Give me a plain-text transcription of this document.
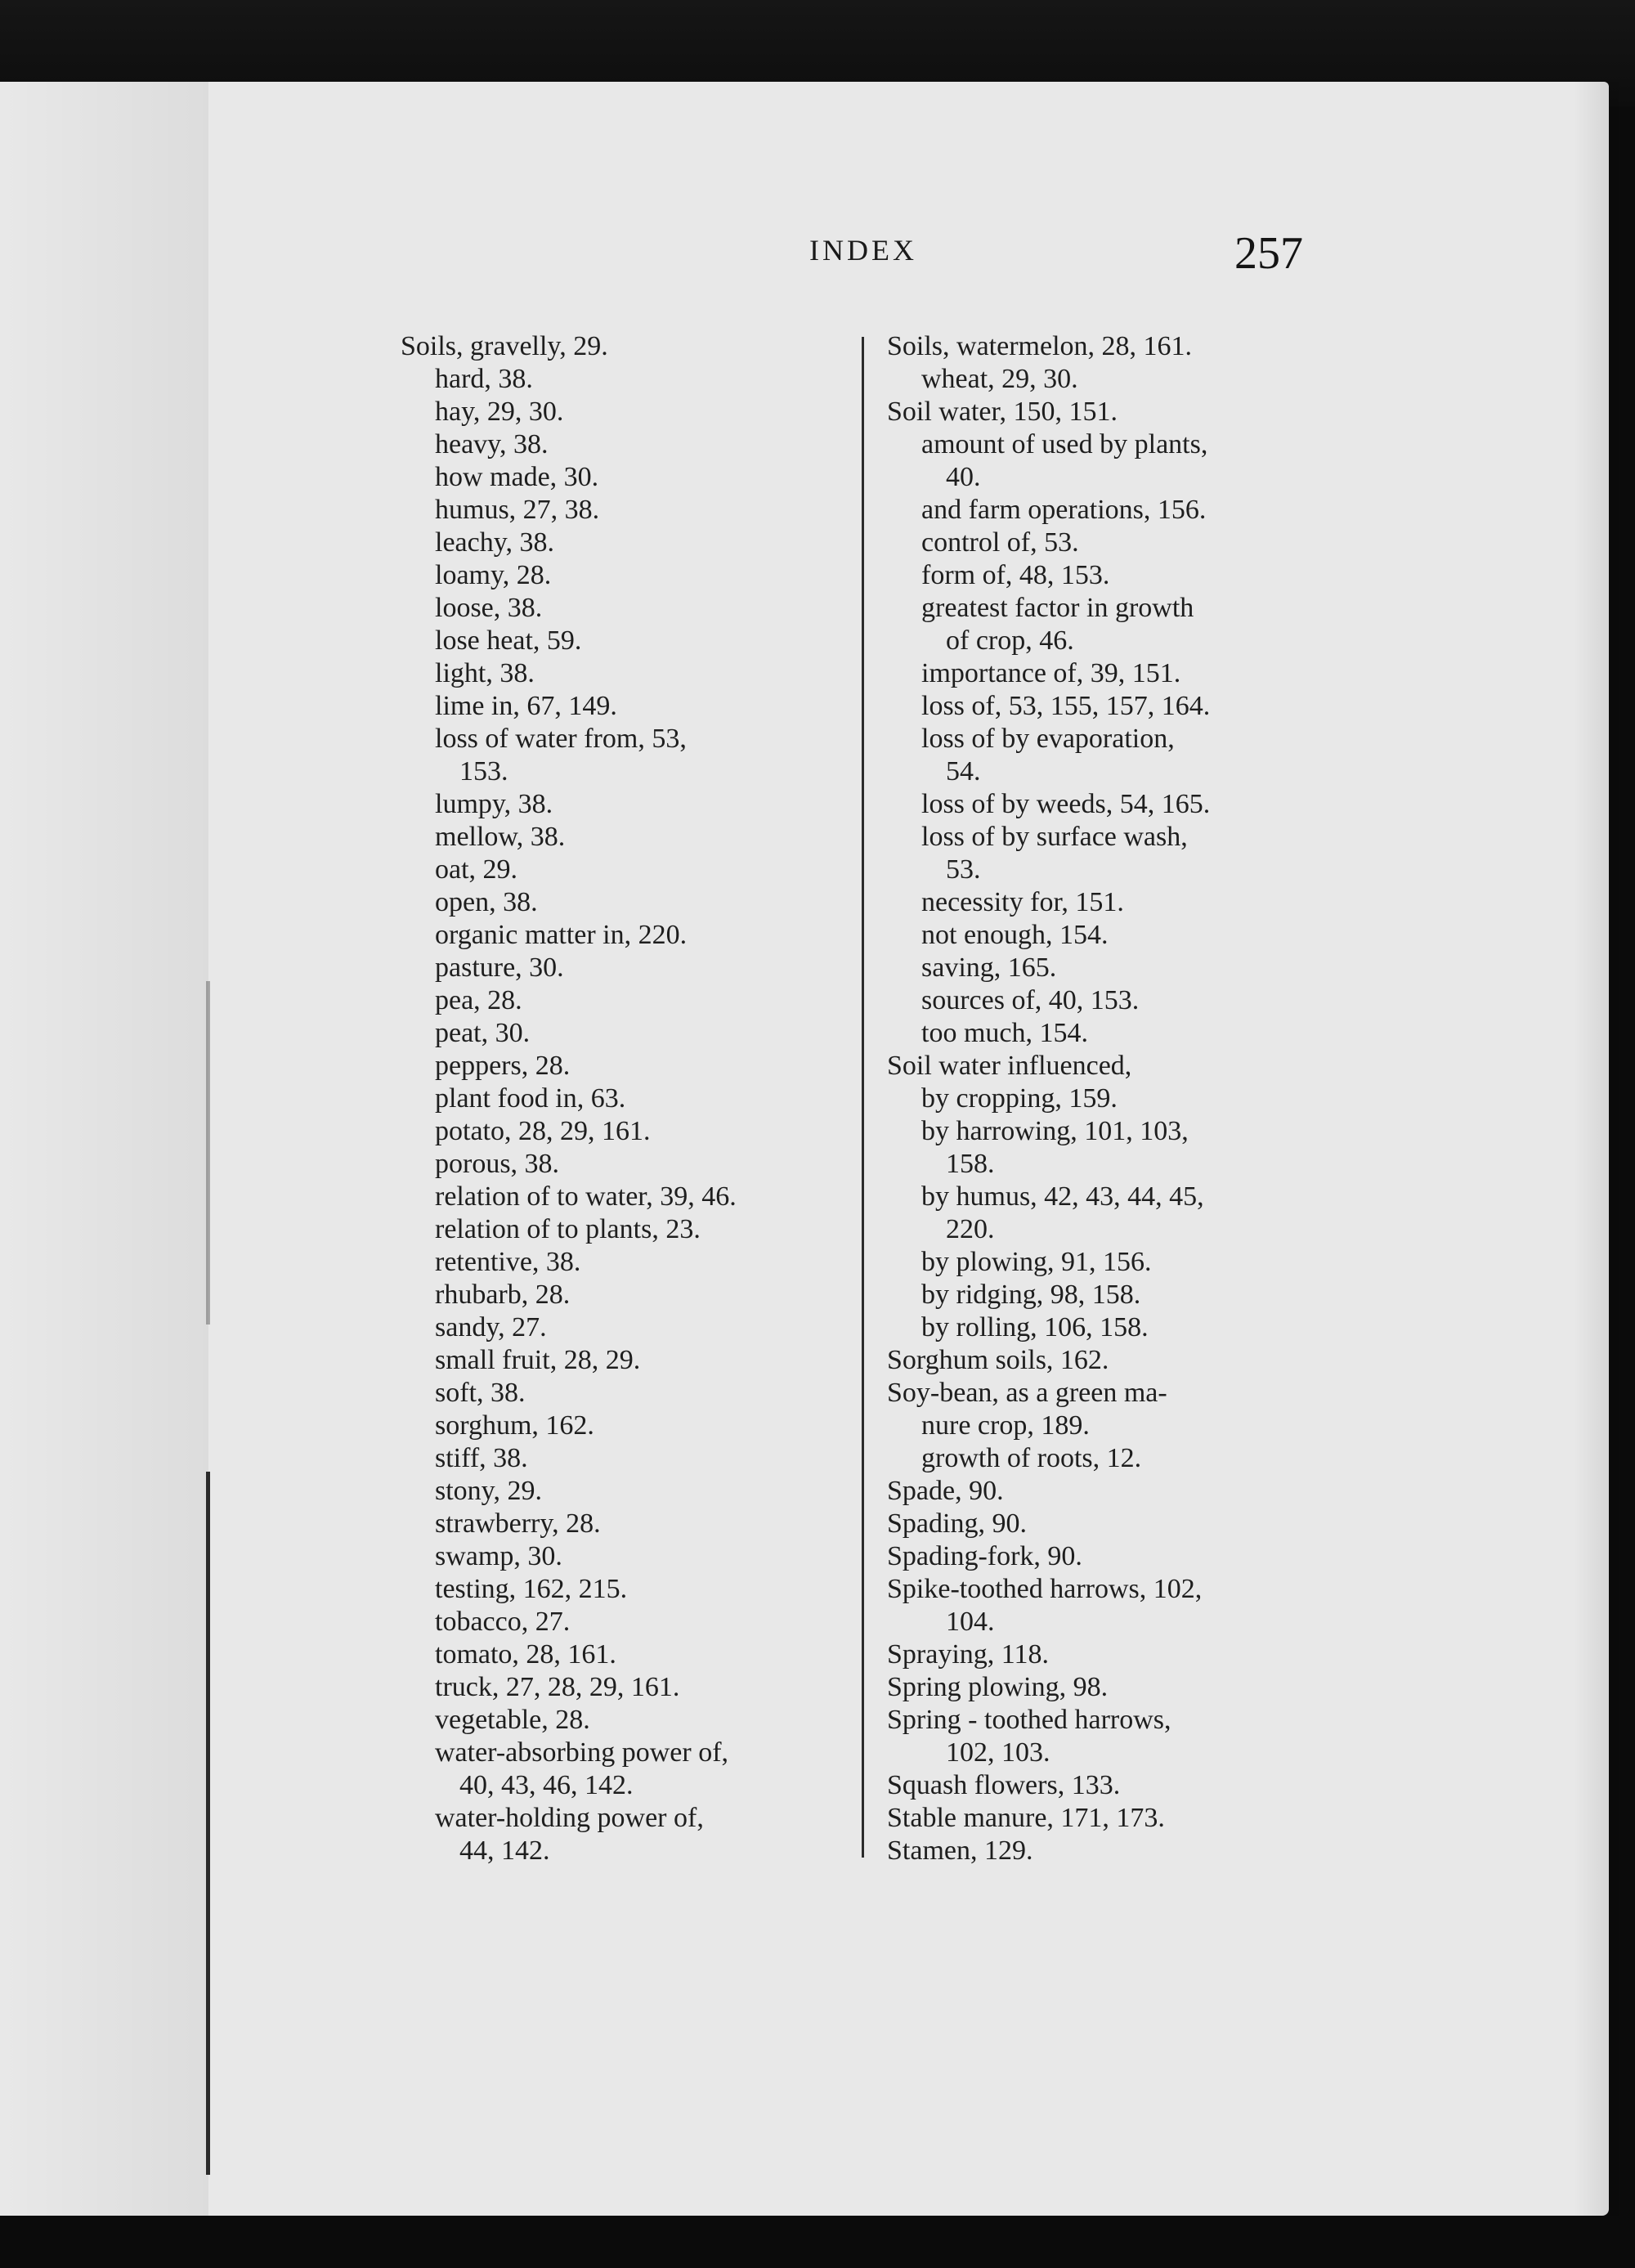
INDEX	257
Soils, gravelly, 29.
hard, 38.
hay, 29, 30.
heavy, 38.
how made, 30.
humus, 27, 38.
leachy, 38.
loamy, 28.
loose, 38.
lose heat, 59.
light, 38.
lime in, 67, 149.
loss of water from, 53,
153.
lumpy, 38.
mellow, 38.
oat, 29.
open, 38.
organic matter in, 220.
pasture, 30.
pea, 28.
peat, 30.
peppers, 28.
plant food in, 63.
potato, 28, 29, 161.
porous, 38.
relation of to water, 39, 46.
relation of to plants, 23.
retentive, 38.
rhubarb, 28.
sandy, 27.
small fruit, 28, 29.
soft, 38.
sorghum, 162.
stiff, 38.
stony, 29.
strawberry, 28.
swamp, 30.
testing, 162, 215.
tobacco, 27.
tomato, 28, 161.
truck, 27, 28, 29, 161.
vegetable, 28.
water-absorbing power of,
40, 43, 46, 142.
water-holding power of,
44, 142.
Soils, watermelon, 28, 161.
wheat, 29, 30.
Soil water, 150, 151.
amount of used by plants,
40.
and farm operations, 156.
control of, 53.
form of, 48, 153.
greatest factor in growth
of crop, 46.
importance of, 39, 151.
loss of, 53, 155, 157, 164.
loss of by evaporation,
54.
loss of by weeds, 54, 165.
loss of by surface wash,
53.
necessity for, 151.
not enough, 154.
saving, 165.
sources of, 40, 153.
too much, 154.
Soil water influenced,
by cropping, 159.
by harrowing, 101, 103,
158.
by humus, 42, 43, 44, 45,
220.
by plowing, 91, 156.
by ridging, 98, 158.
by rolling, 106, 158.
Sorghum soils, 162.
Soy-bean, as a green ma-
nure crop, 189.
growth of roots, 12.
Spade, 90.
Spading, 90.
Spading-fork, 90.
Spike-toothed harrows, 102,
104.
Spraying, 118.
Spring plowing, 98.
Spring - toothed harrows,
102, 103.
Squash flowers, 133.
Stable manure, 171, 173.
Stamen, 129.
